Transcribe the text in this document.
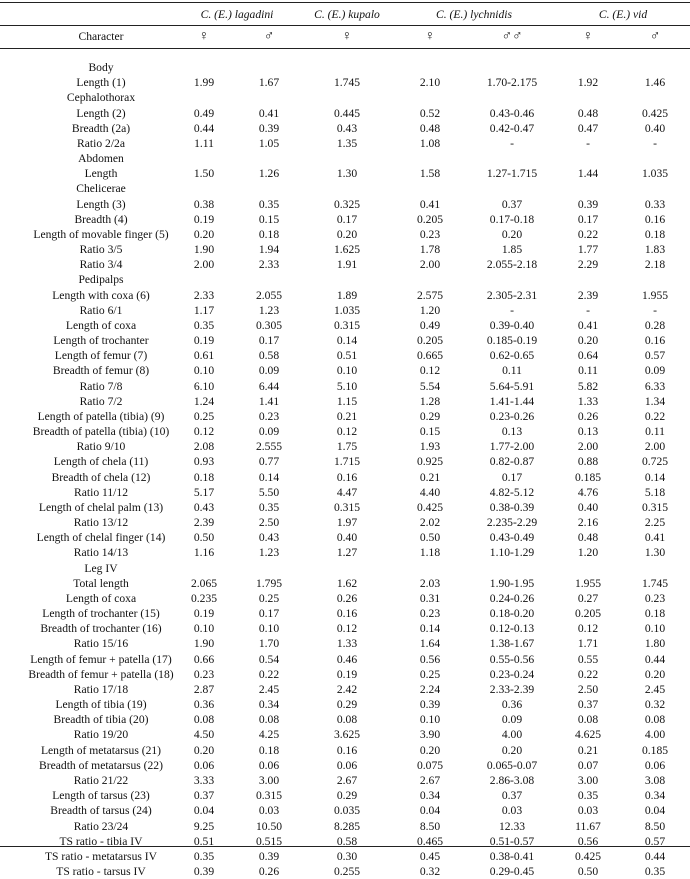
C. (E.) lagadini	C. (E.) kupalo	C. (E.) lychnidis	C. (E.) vid
Character	♀	♂	♀	♀	♂♂	♀	♂
Body
Length (1)	1.99	1.67	1.745	2.10	1.70-2.175	1.92	1.46
Cephalothorax
Length (2)	0.49	0.41	0.445	0.52	0.43-0.46	0.48	0.425
Breadth (2a)	0.44	0.39	0.43	0.48	0.42-0.47	0.47	0.40
Ratio 2/2a	1.11	1.05	1.35	1.08	-	-	-
Abdomen
Length	1.50	1.26	1.30	1.58	1.27-1.715	1.44	1.035
Chelicerae
Length (3)	0.38	0.35	0.325	0.41	0.37	0.39	0.33
Breadth (4)	0.19	0.15	0.17	0.205	0.17-0.18	0.17	0.16
Length of movable finger (5)	0.20	0.18	0.20	0.23	0.20	0.22	0.18
Ratio 3/5	1.90	1.94	1.625	1.78	1.85	1.77	1.83
Ratio 3/4	2.00	2.33	1.91	2.00	2.055-2.18	2.29	2.18
Pedipalps
Length with coxa (6)	2.33	2.055	1.89	2.575	2.305-2.31	2.39	1.955
Ratio 6/1	1.17	1.23	1.035	1.20	-	-	-
Length of coxa	0.35	0.305	0.315	0.49	0.39-0.40	0.41	0.28
Length of trochanter	0.19	0.17	0.14	0.205	0.185-0.19	0.20	0.16
Length of femur (7)	0.61	0.58	0.51	0.665	0.62-0.65	0.64	0.57
Breadth of femur (8)	0.10	0.09	0.10	0.12	0.11	0.11	0.09
Ratio 7/8	6.10	6.44	5.10	5.54	5.64-5.91	5.82	6.33
Ratio 7/2	1.24	1.41	1.15	1.28	1.41-1.44	1.33	1.34
Length of patella (tibia) (9)	0.25	0.23	0.21	0.29	0.23-0.26	0.26	0.22
Breadth of patella (tibia) (10)	0.12	0.09	0.12	0.15	0.13	0.13	0.11
Ratio 9/10	2.08	2.555	1.75	1.93	1.77-2.00	2.00	2.00
Length of chela (11)	0.93	0.77	1.715	0.925	0.82-0.87	0.88	0.725
Breadth of chela (12)	0.18	0.14	0.16	0.21	0.17	0.185	0.14
Ratio 11/12	5.17	5.50	4.47	4.40	4.82-5.12	4.76	5.18
Length of chelal palm (13)	0.43	0.35	0.315	0.425	0.38-0.39	0.40	0.315
Ratio 13/12	2.39	2.50	1.97	2.02	2.235-2.29	2.16	2.25
Length of chelal finger (14)	0.50	0.43	0.40	0.50	0.43-0.49	0.48	0.41
Ratio 14/13	1.16	1.23	1.27	1.18	1.10-1.29	1.20	1.30
Leg IV
Total length	2.065	1.795	1.62	2.03	1.90-1.95	1.955	1.745
Length of coxa	0.235	0.25	0.26	0.31	0.24-0.26	0.27	0.23
Length of trochanter (15)	0.19	0.17	0.16	0.23	0.18-0.20	0.205	0.18
Breadth of trochanter (16)	0.10	0.10	0.12	0.14	0.12-0.13	0.12	0.10
Ratio 15/16	1.90	1.70	1.33	1.64	1.38-1.67	1.71	1.80
Length of femur + patella (17)	0.66	0.54	0.46	0.56	0.55-0.56	0.55	0.44
Breadth of femur + patella (18)	0.23	0.22	0.19	0.25	0.23-0.24	0.22	0.20
Ratio 17/18	2.87	2.45	2.42	2.24	2.33-2.39	2.50	2.45
Length of tibia (19)	0.36	0.34	0.29	0.39	0.36	0.37	0.32
Breadth of tibia (20)	0.08	0.08	0.08	0.10	0.09	0.08	0.08
Ratio 19/20	4.50	4.25	3.625	3.90	4.00	4.625	4.00
Length of metatarsus (21)	0.20	0.18	0.16	0.20	0.20	0.21	0.185
Breadth of metatarsus (22)	0.06	0.06	0.06	0.075	0.065-0.07	0.07	0.06
Ratio 21/22	3.33	3.00	2.67	2.67	2.86-3.08	3.00	3.08
Length of tarsus (23)	0.37	0.315	0.29	0.34	0.37	0.35	0.34
Breadth of tarsus (24)	0.04	0.03	0.035	0.04	0.03	0.03	0.04
Ratio 23/24	9.25	10.50	8.285	8.50	12.33	11.67	8.50
TS ratio - tibia IV	0.51	0.515	0.58	0.465	0.51-0.57	0.56	0.57
TS ratio - metatarsus IV	0.35	0.39	0.30	0.45	0.38-0.41	0.425	0.44
TS ratio - tarsus IV	0.39	0.26	0.255	0.32	0.29-0.45	0.50	0.35
